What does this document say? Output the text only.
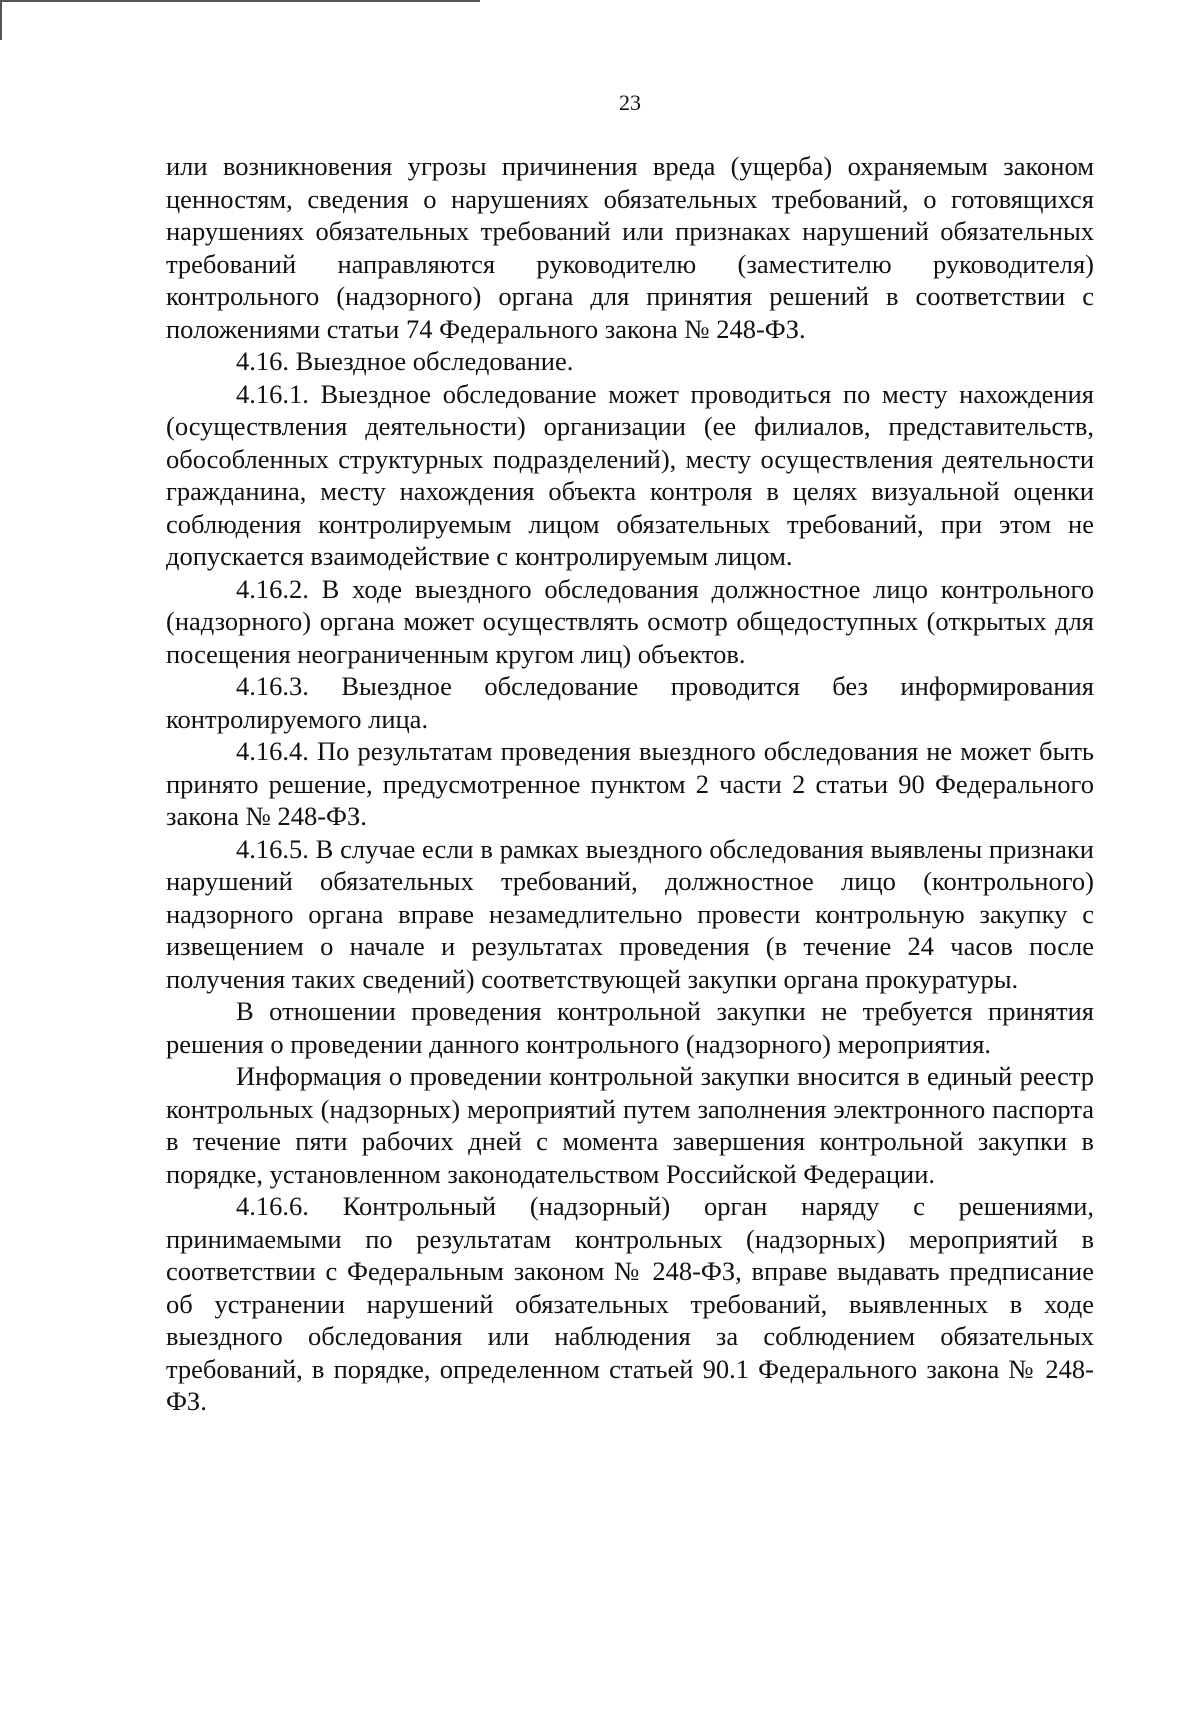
23

или возникновения угрозы причинения вреда (ущерба) охраняемым законом ценностям, сведения о нарушениях обязательных требований, о готовящихся нарушениях обязательных требований или признаках нарушений обязательных требований направляются руководителю (заместителю руководителя) контрольного (надзорного) органа для принятия решений в соответствии с положениями статьи 74 Федерального закона № 248-ФЗ.

4.16. Выездное обследование.

4.16.1. Выездное обследование может проводиться по месту нахождения (осуществления деятельности) организации (ее филиалов, представительств, обособленных структурных подразделений), месту осуществления деятельности гражданина, месту нахождения объекта контроля в целях визуальной оценки соблюдения контролируемым лицом обязательных требований, при этом не допускается взаимодействие с контролируемым лицом.

4.16.2. В ходе выездного обследования должностное лицо контрольного (надзорного) органа может осуществлять осмотр общедоступных (открытых для посещения неограниченным кругом лиц) объектов.

4.16.3. Выездное обследование проводится без информирования контролируемого лица.

4.16.4. По результатам проведения выездного обследования не может быть принято решение, предусмотренное пунктом 2 части 2 статьи 90 Федерального закона № 248-ФЗ.

4.16.5. В случае если в рамках выездного обследования выявлены признаки нарушений обязательных требований, должностное лицо (контрольного) надзорного органа вправе незамедлительно провести контрольную закупку с извещением о начале и результатах проведения (в течение 24 часов после получения таких сведений) соответствующей закупки органа прокуратуры.

В отношении проведения контрольной закупки не требуется принятия решения о проведении данного контрольного (надзорного) мероприятия.

Информация о проведении контрольной закупки вносится в единый реестр контрольных (надзорных) мероприятий путем заполнения электронного паспорта в течение пяти рабочих дней с момента завершения контрольной закупки в порядке, установленном законодательством Российской Федерации.

4.16.6. Контрольный (надзорный) орган наряду с решениями, принимаемыми по результатам контрольных (надзорных) мероприятий в соответствии с Федеральным законом № 248-ФЗ, вправе выдавать предписание об устранении нарушений обязательных требований, выявленных в ходе выездного обследования или наблюдения за соблюдением обязательных требований, в порядке, определенном статьей 90.1 Федерального закона № 248-ФЗ.
